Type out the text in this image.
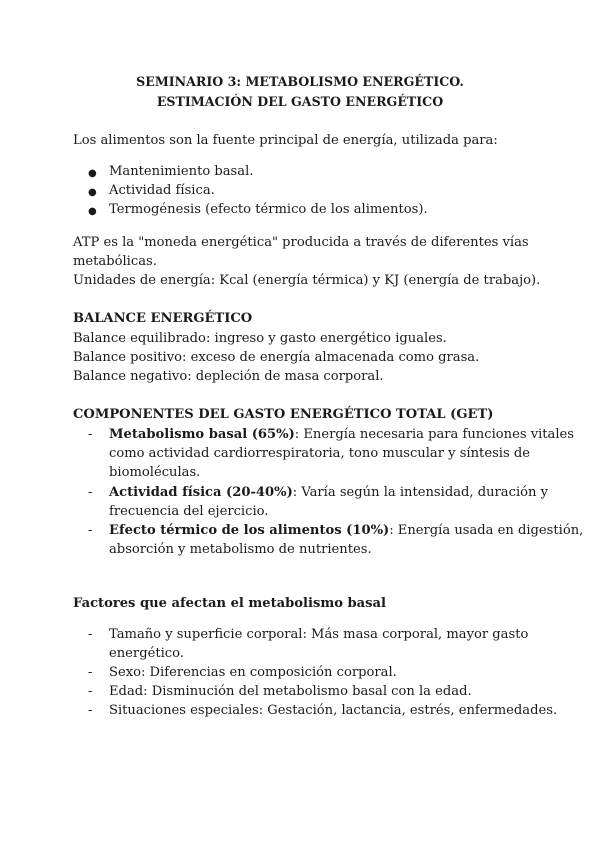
SEMINARIO 3: METABOLISMO ENERGÉTICO.
ESTIMACIÓN DEL GASTO ENERGÉTICO
Los alimentos son la fuente principal de energía, utilizada para:
● Mantenimiento basal.
● Actividad física.
● Termogénesis (efecto térmico de los alimentos).
ATP es la "moneda energética" producida a través de diferentes vías
metabólicas.
Unidades de energía: Kcal (energía térmica) y KJ (energía de trabajo).
BALANCE ENERGÉTICO
Balance equilibrado: ingreso y gasto energético iguales.
Balance positivo: exceso de energía almacenada como grasa.
Balance negativo: depleción de masa corporal.
COMPONENTES DEL GASTO ENERGÉTICO TOTAL (GET)
- Metabolismo basal (65%): Energía necesaria para funciones vitales
como actividad cardiorrespiratoria, tono muscular y síntesis de
biomoléculas.
- Actividad física (20-40%): Varía según la intensidad, duración y
frecuencia del ejercicio.
- Efecto térmico de los alimentos (10%): Energía usada en digestión,
absorción y metabolismo de nutrientes.
Factores que afectan el metabolismo basal
- Tamaño y superficie corporal: Más masa corporal, mayor gasto
energético.
- Sexo: Diferencias en composición corporal.
- Edad: Disminución del metabolismo basal con la edad.
- Situaciones especiales: Gestación, lactancia, estrés, enfermedades.
